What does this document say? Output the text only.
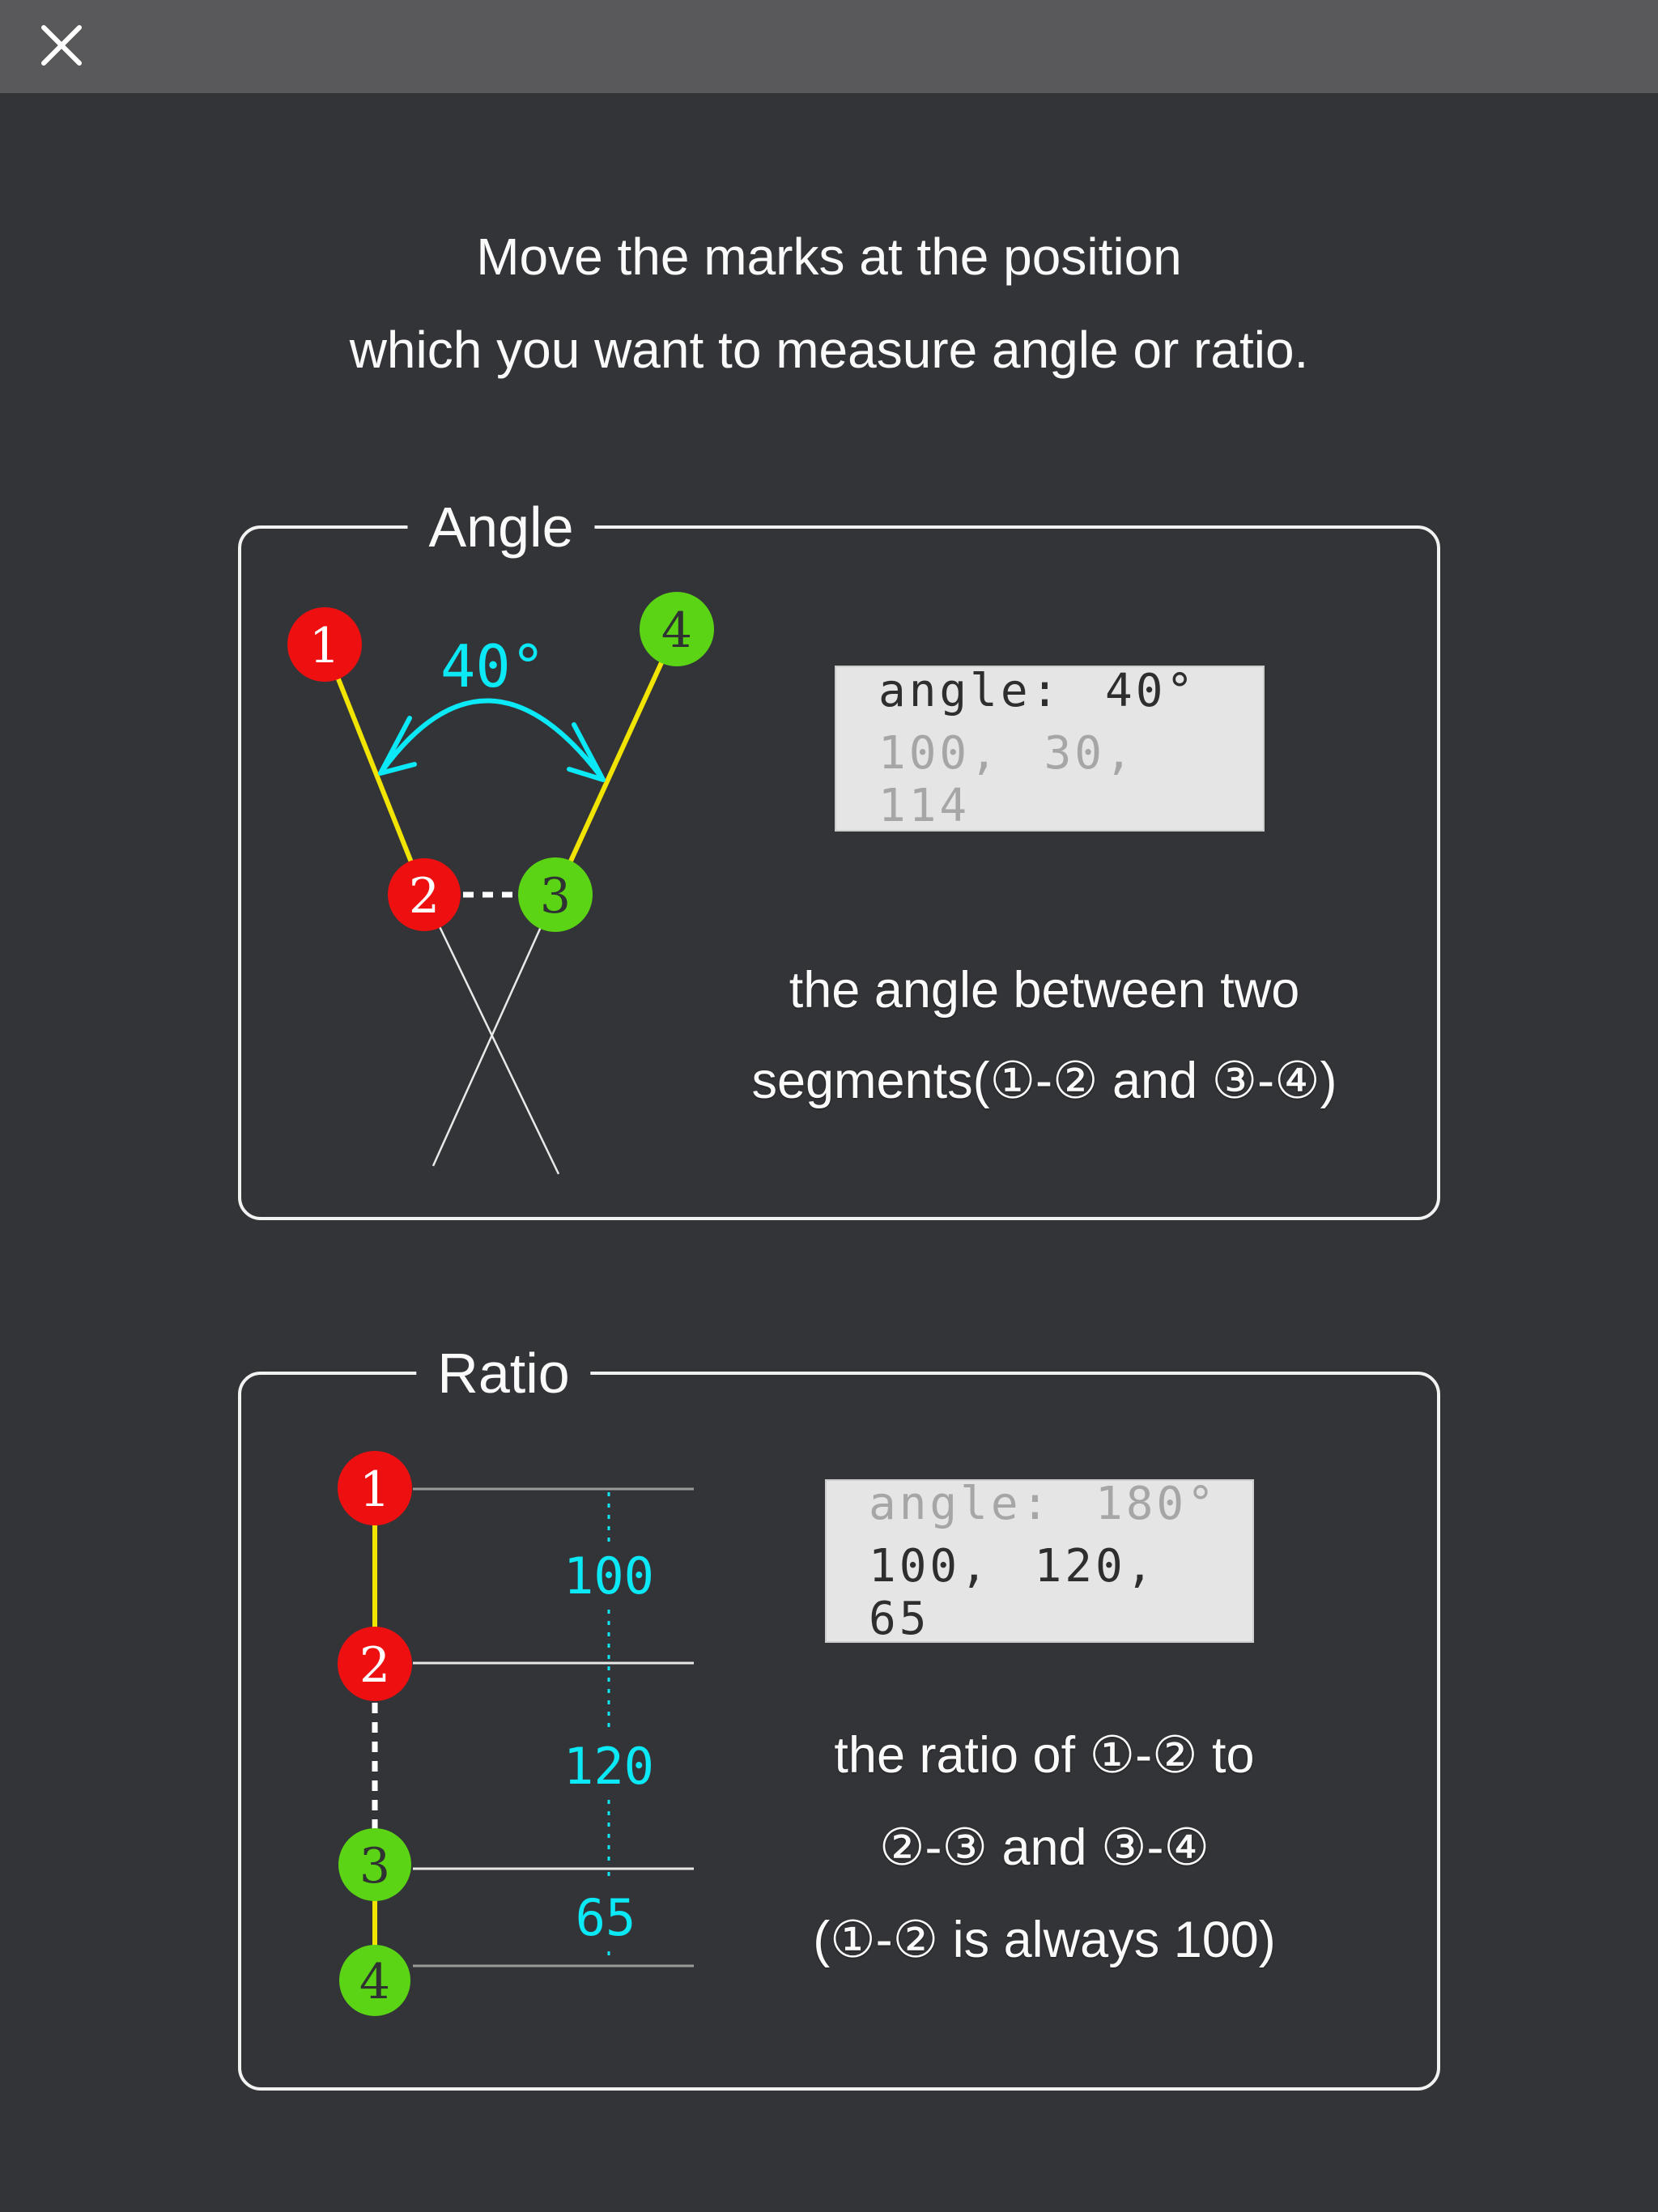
Move the marks at the position
which you want to measure angle or ratio.
Angle
40°
1
2 3
4
angle: 40°
100, 30, 114
the angle between two
segments(①-② and ③-④)
Ratio
100
120
65
1
2
3
4
angle: 180°
100, 120, 65
the ratio of ①-② to
②-③ and ③-④
(①-② is always 100)
